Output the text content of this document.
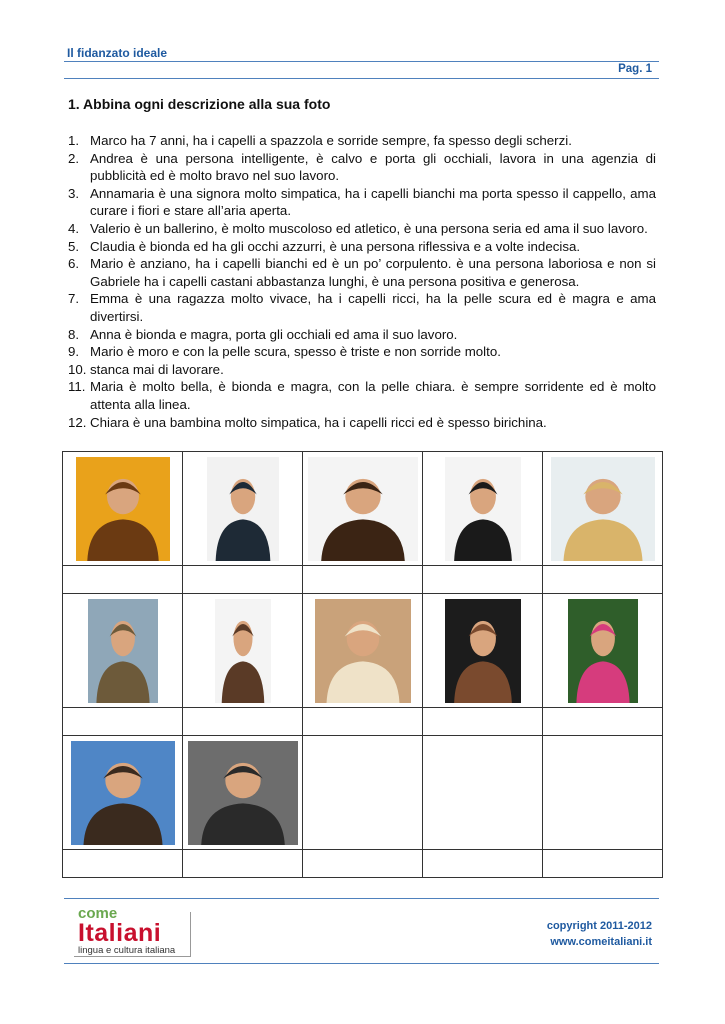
Il fidanzato ideale
Pag. 1
1. Abbina ogni descrizione alla sua foto
1. Marco ha 7 anni, ha i capelli a spazzola e sorride sempre, fa spesso degli scherzi.
2. Andrea è una persona intelligente, è calvo e porta gli occhiali, lavora in una agenzia di pubblicità ed è molto bravo nel suo lavoro.
3. Annamaria è una signora molto simpatica, ha i capelli bianchi ma porta spesso il cappello, ama curare i fiori e stare all’aria aperta.
4. Valerio è un ballerino, è molto muscoloso ed atletico, è una persona seria ed ama il suo lavoro.
5. Claudia è bionda ed ha gli occhi azzurri, è una persona riflessiva e a volte indecisa.
6. Mario è anziano, ha i capelli bianchi ed è un po’ corpulento. è una persona laboriosa e non si Gabriele ha i capelli castani abbastanza lunghi, è una persona positiva e generosa.
7. Emma è una ragazza molto vivace, ha i capelli ricci, ha la pelle scura ed è magra e ama divertirsi.
8. Anna è bionda e magra, porta gli occhiali ed ama il suo lavoro.
9. Mario è moro e con la pelle scura, spesso è triste e non sorride molto.
10. stanca mai di lavorare.
11. Maria è molto bella, è bionda e magra, con la pelle chiara. è sempre sorridente ed è molto attenta alla linea.
12. Chiara è una bambina molto simpatica, ha i capelli ricci ed è spesso birichina.

come
Italiani
lingua e cultura italiana
copyright 2011-2012
www.comeitaliani.it
